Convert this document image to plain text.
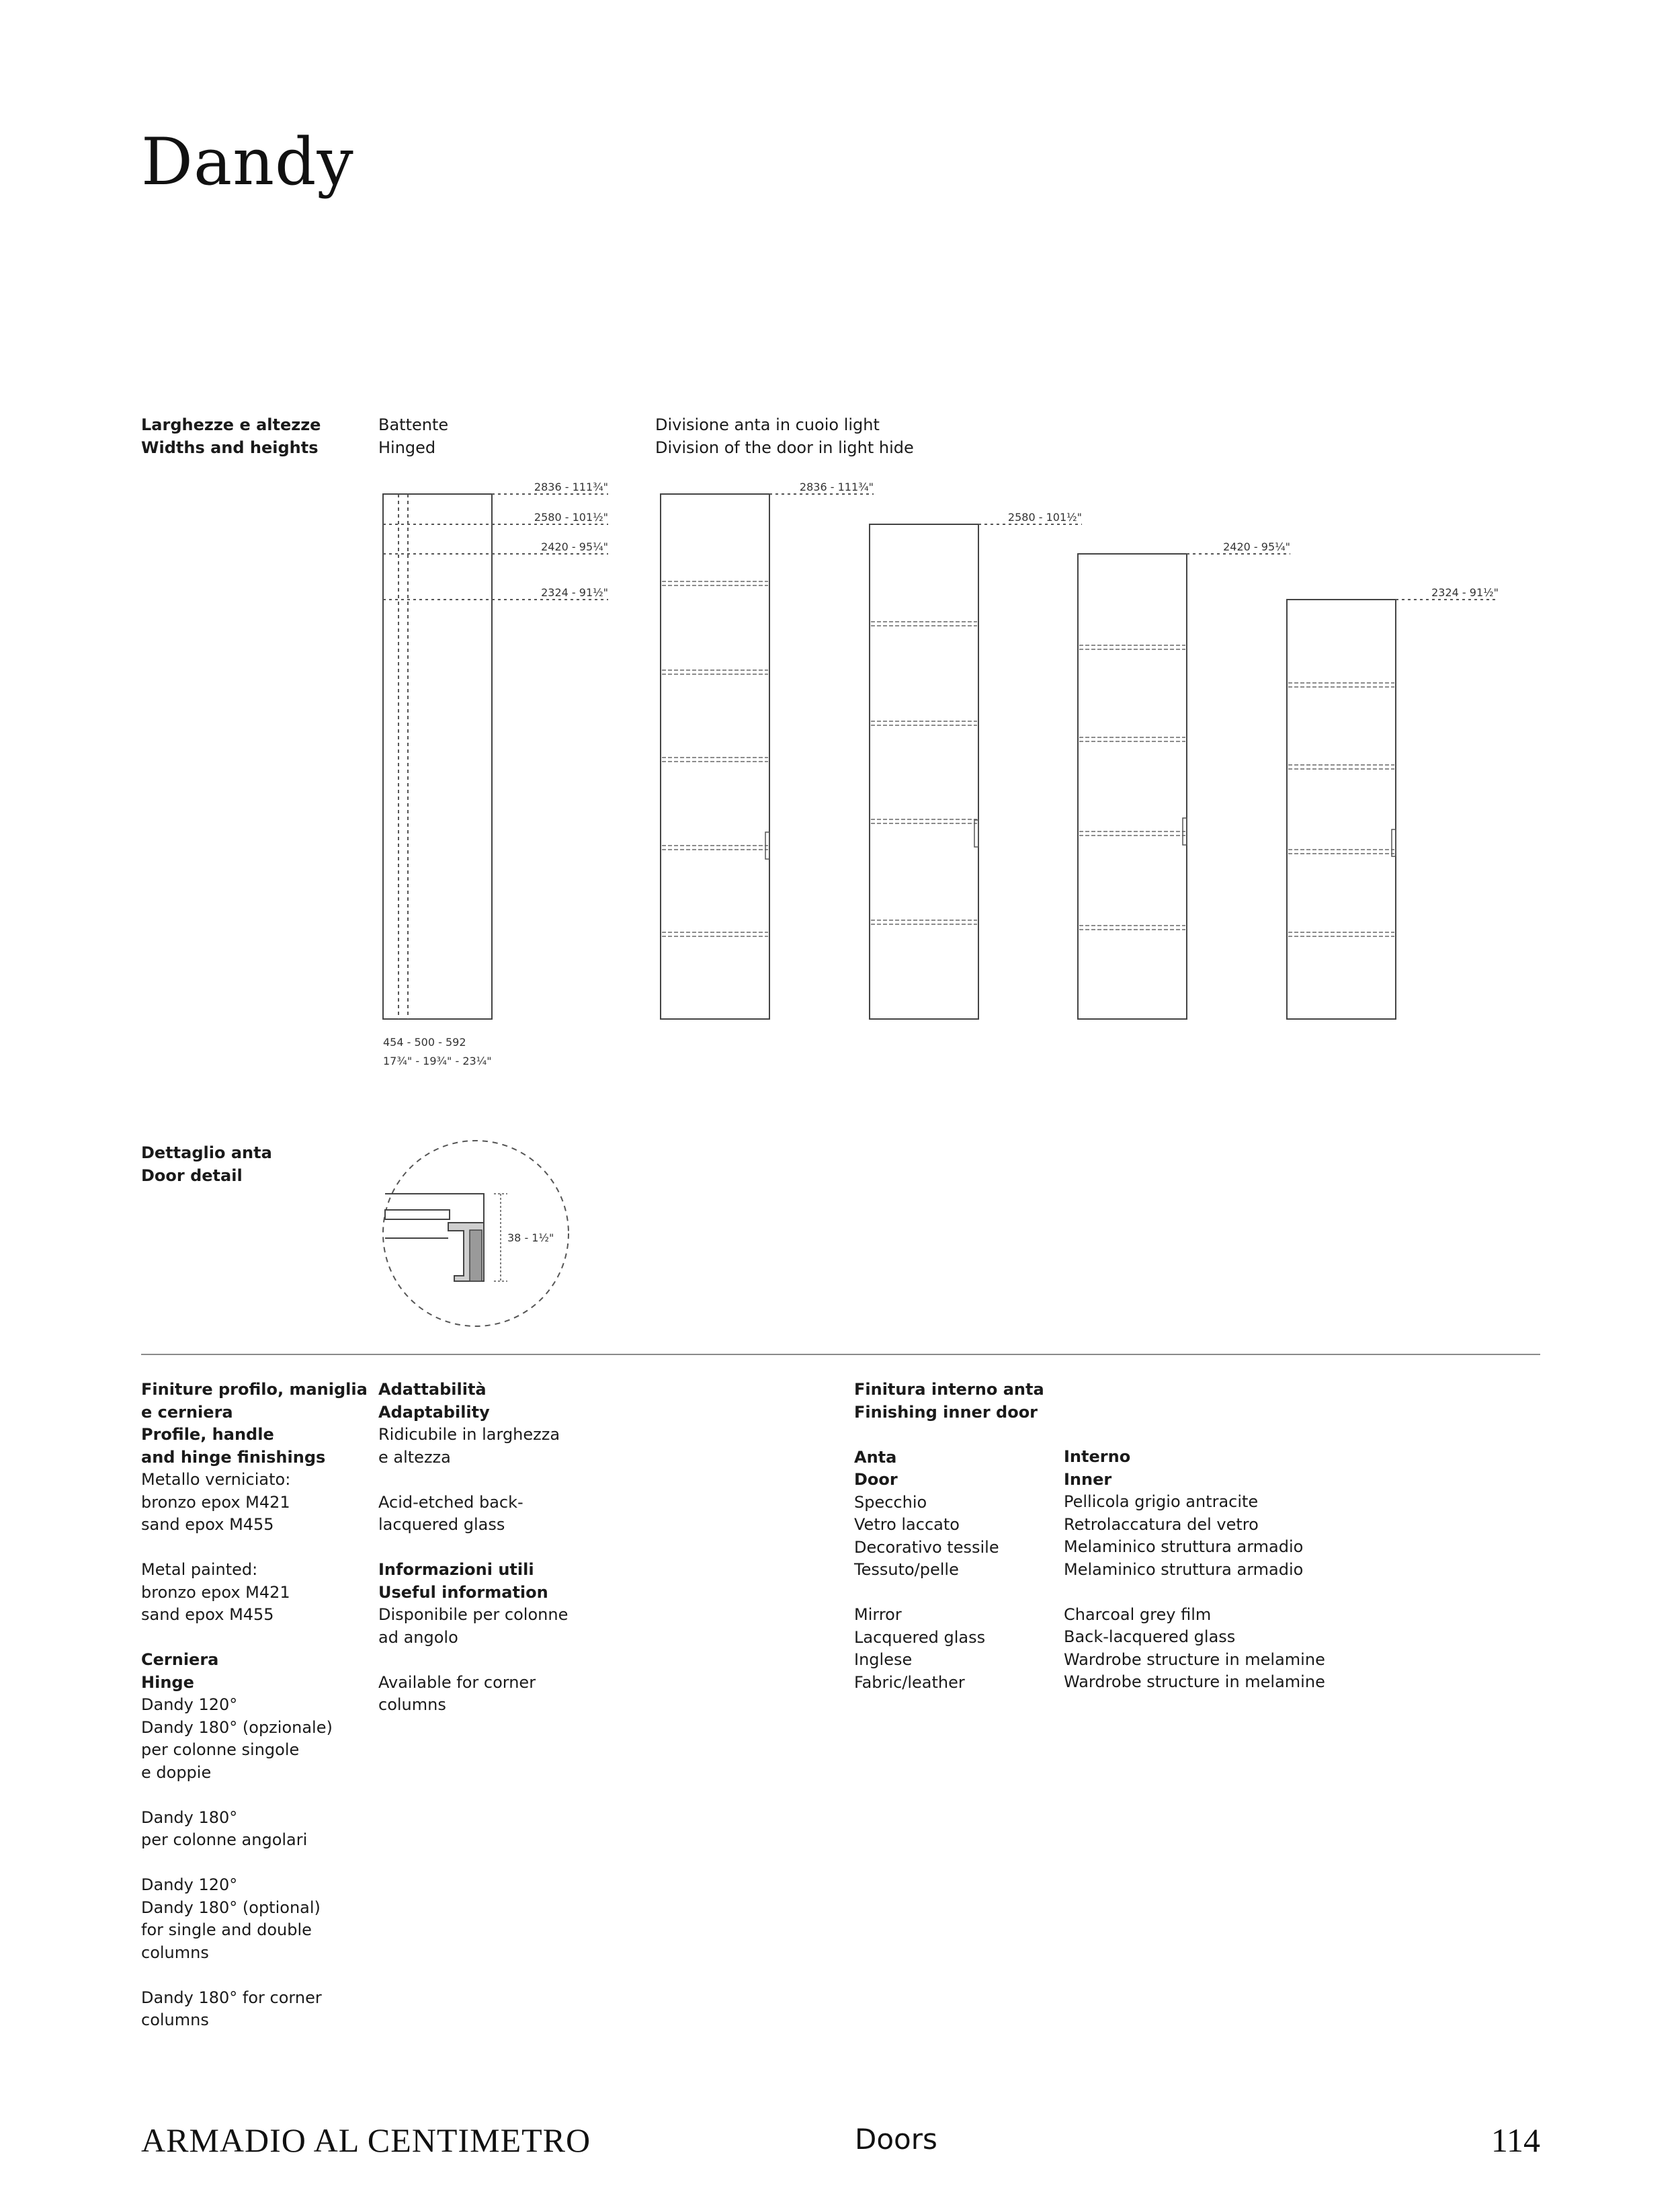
Dandy
Larghezze e altezze
Widths and heights
Battente
Hinged
Divisione anta in cuoio light
Division of the door in light hide
2836 - 111¾"
2580 - 101½"
2420 - 95¼"
2324 - 91½"
2836 - 111¾"
2580 - 101½"
2420 - 95¼"
2324 - 91½"
454 - 500 - 592
17¾" - 19¾" - 23¼"
38 - 1½"
Dettaglio anta
Door detail
Finiture profilo, maniglia
e cerniera
Profile, handle
and hinge finishings
Metallo verniciato:
bronzo epox M421
sand epox M455
Metal painted:
bronzo epox M421
sand epox M455
Cerniera
Hinge
Dandy 120°
Dandy 180° (opzionale)
per colonne singole
e doppie
Dandy 180°
per colonne angolari
Dandy 120°
Dandy 180° (optional)
for single and double
columns
Dandy 180° for corner
columns
Adattabilità
Adaptability
Ridicubile in larghezza
e altezza
Acid-etched back-
lacquered glass
Informazioni utili
Useful information
Disponibile per colonne
ad angolo
Available for corner
columns
Finitura interno anta
Finishing inner door
Anta
Door
Specchio
Vetro laccato
Decorativo tessile
Tessuto/pelle
Mirror
Lacquered glass
Inglese
Fabric/leather
Interno
Inner
Pellicola grigio antracite
Retrolaccatura del vetro
Melaminico struttura armadio
Melaminico struttura armadio
Charcoal grey film
Back-lacquered glass
Wardrobe structure in melamine
Wardrobe structure in melamine
ARMADIO AL CENTIMETRO	Doors	114
